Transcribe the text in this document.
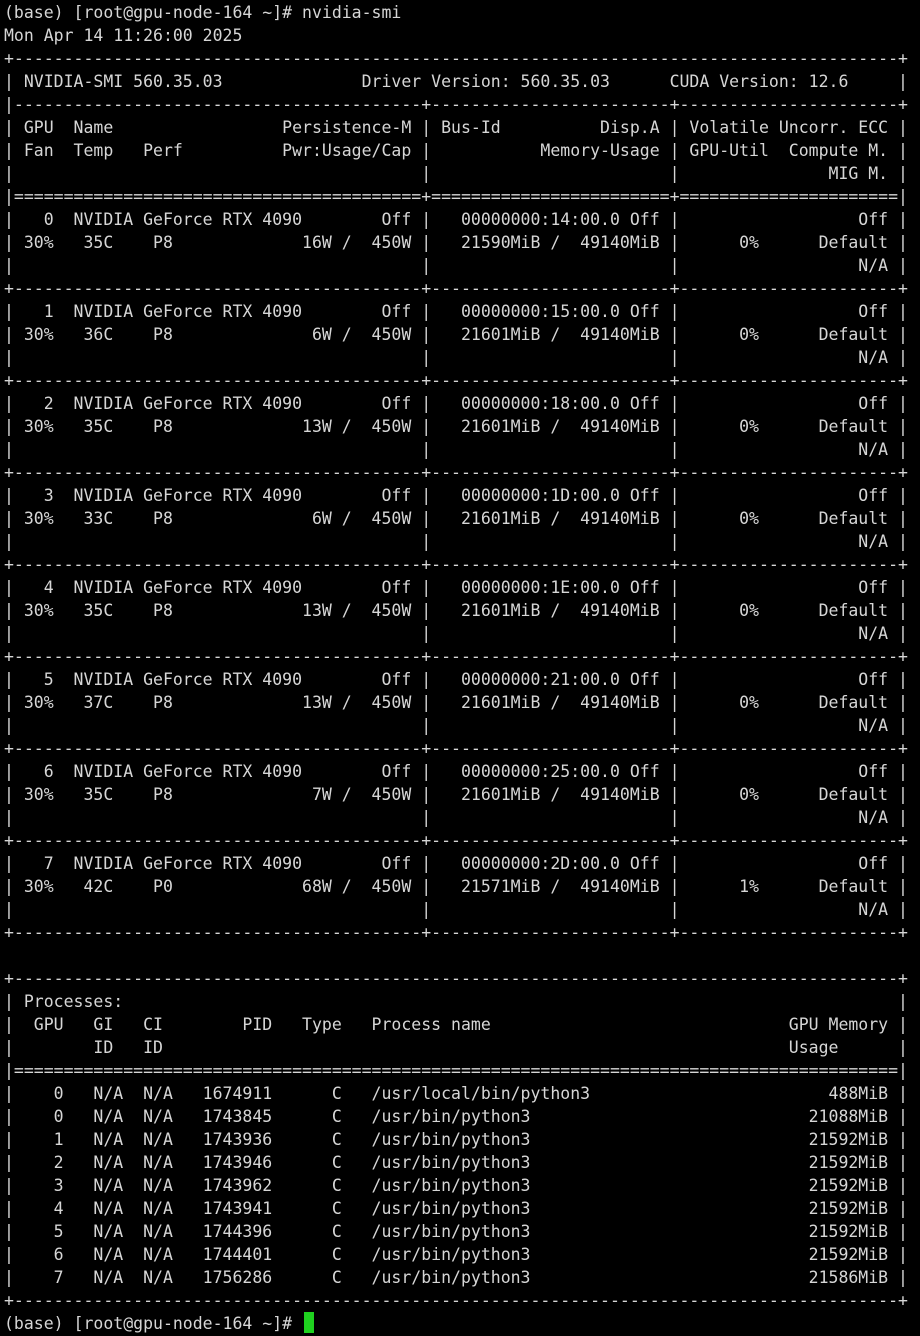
(base) [root@gpu-node-164 ~]# nvidia-smi
Mon Apr 14 11:26:00 2025
+-----------------------------------------------------------------------------------------+
| NVIDIA-SMI 560.35.03              Driver Version: 560.35.03      CUDA Version: 12.6     |
|-----------------------------------------+------------------------+----------------------+
| GPU  Name                 Persistence-M | Bus-Id          Disp.A | Volatile Uncorr. ECC |
| Fan  Temp   Perf          Pwr:Usage/Cap |           Memory-Usage | GPU-Util  Compute M. |
|                                         |                        |               MIG M. |
|=========================================+========================+======================|
|   0  NVIDIA GeForce RTX 4090        Off |   00000000:14:00.0 Off |                  Off |
| 30%   35C    P8             16W /  450W |   21590MiB /  49140MiB |      0%      Default |
|                                         |                        |                  N/A |
+-----------------------------------------+------------------------+----------------------+
|   1  NVIDIA GeForce RTX 4090        Off |   00000000:15:00.0 Off |                  Off |
| 30%   36C    P8              6W /  450W |   21601MiB /  49140MiB |      0%      Default |
|                                         |                        |                  N/A |
+-----------------------------------------+------------------------+----------------------+
|   2  NVIDIA GeForce RTX 4090        Off |   00000000:18:00.0 Off |                  Off |
| 30%   35C    P8             13W /  450W |   21601MiB /  49140MiB |      0%      Default |
|                                         |                        |                  N/A |
+-----------------------------------------+------------------------+----------------------+
|   3  NVIDIA GeForce RTX 4090        Off |   00000000:1D:00.0 Off |                  Off |
| 30%   33C    P8              6W /  450W |   21601MiB /  49140MiB |      0%      Default |
|                                         |                        |                  N/A |
+-----------------------------------------+------------------------+----------------------+
|   4  NVIDIA GeForce RTX 4090        Off |   00000000:1E:00.0 Off |                  Off |
| 30%   35C    P8             13W /  450W |   21601MiB /  49140MiB |      0%      Default |
|                                         |                        |                  N/A |
+-----------------------------------------+------------------------+----------------------+
|   5  NVIDIA GeForce RTX 4090        Off |   00000000:21:00.0 Off |                  Off |
| 30%   37C    P8             13W /  450W |   21601MiB /  49140MiB |      0%      Default |
|                                         |                        |                  N/A |
+-----------------------------------------+------------------------+----------------------+
|   6  NVIDIA GeForce RTX 4090        Off |   00000000:25:00.0 Off |                  Off |
| 30%   35C    P8              7W /  450W |   21601MiB /  49140MiB |      0%      Default |
|                                         |                        |                  N/A |
+-----------------------------------------+------------------------+----------------------+
|   7  NVIDIA GeForce RTX 4090        Off |   00000000:2D:00.0 Off |                  Off |
| 30%   42C    P0             68W /  450W |   21571MiB /  49140MiB |      1%      Default |
|                                         |                        |                  N/A |
+-----------------------------------------+------------------------+----------------------+
+-----------------------------------------------------------------------------------------+
| Processes:                                                                              |
|  GPU   GI   CI        PID   Type   Process name                              GPU Memory |
|        ID   ID                                                               Usage      |
|=========================================================================================|
|    0   N/A  N/A   1674911      C   /usr/local/bin/python3                        488MiB |
|    0   N/A  N/A   1743845      C   /usr/bin/python3                            21088MiB |
|    1   N/A  N/A   1743936      C   /usr/bin/python3                            21592MiB |
|    2   N/A  N/A   1743946      C   /usr/bin/python3                            21592MiB |
|    3   N/A  N/A   1743962      C   /usr/bin/python3                            21592MiB |
|    4   N/A  N/A   1743941      C   /usr/bin/python3                            21592MiB |
|    5   N/A  N/A   1744396      C   /usr/bin/python3                            21592MiB |
|    6   N/A  N/A   1744401      C   /usr/bin/python3                            21592MiB |
|    7   N/A  N/A   1756286      C   /usr/bin/python3                            21586MiB |
+-----------------------------------------------------------------------------------------+
(base) [root@gpu-node-164 ~]#
